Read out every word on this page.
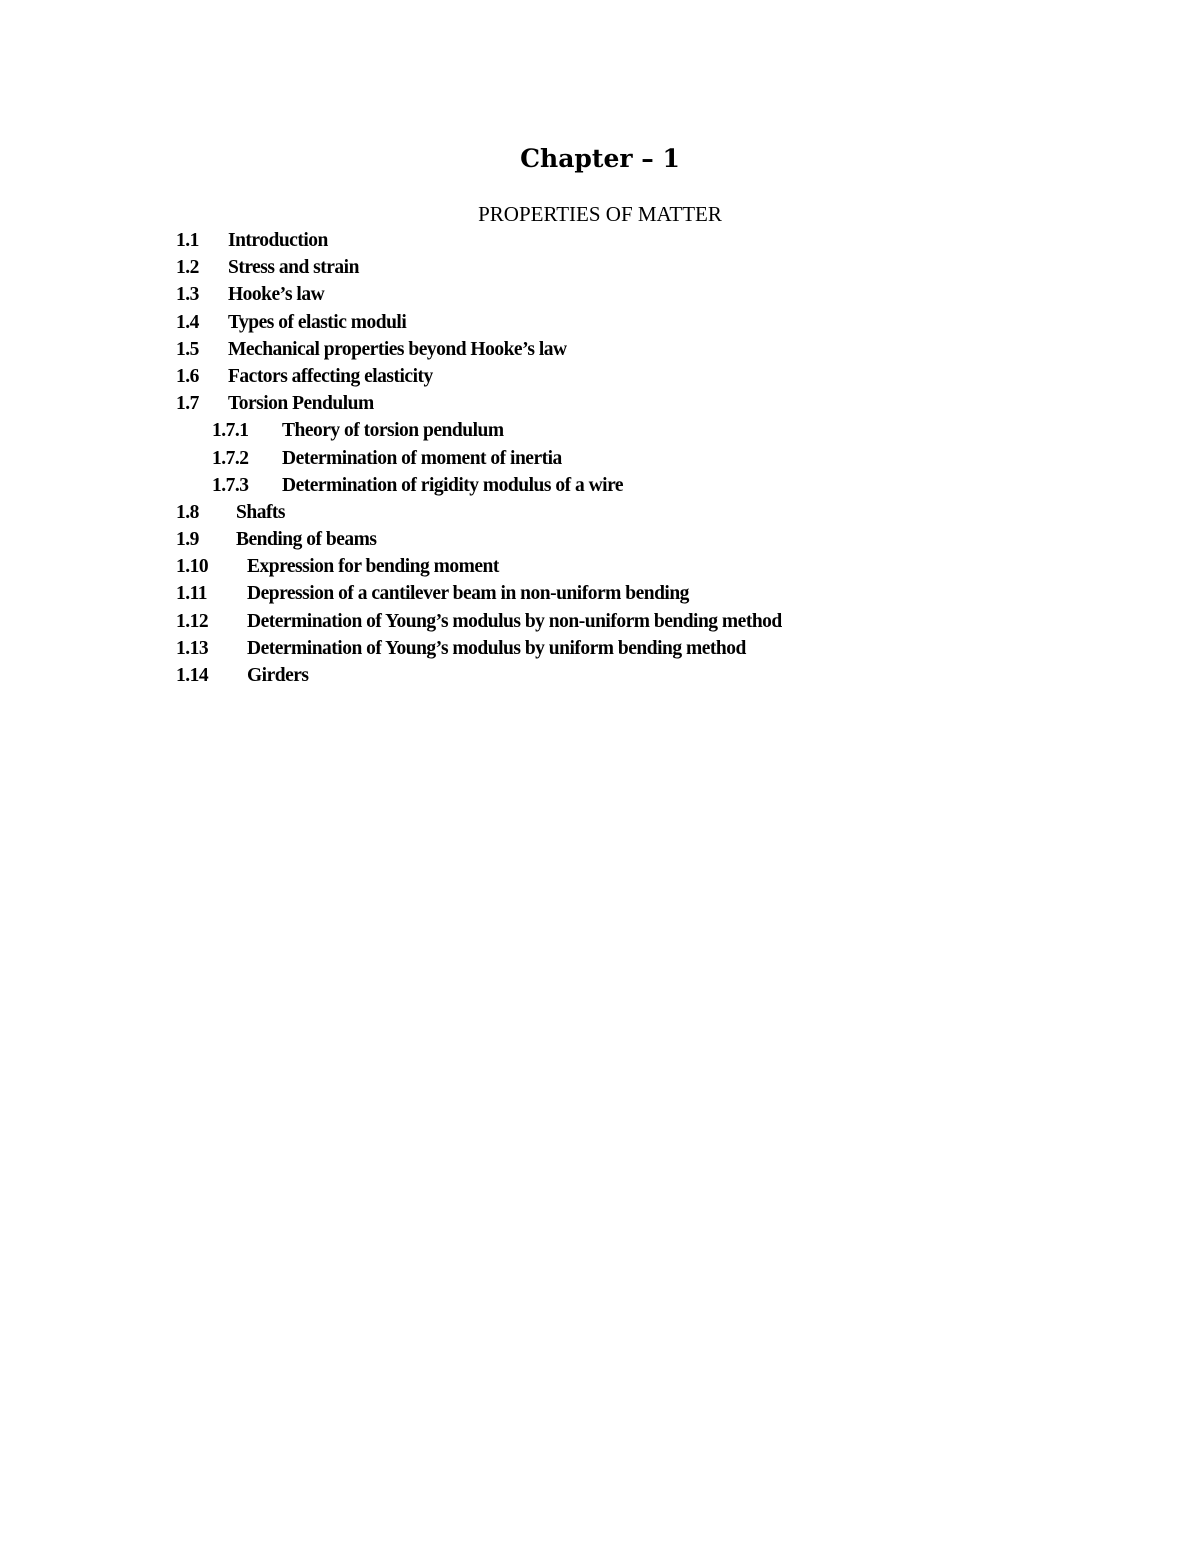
Chapter – 1

PROPERTIES OF MATTER

1.1	Introduction
1.2	Stress and strain
1.3	Hooke’s law
1.4	Types of elastic moduli
1.5	Mechanical properties beyond Hooke’s law
1.6	Factors affecting elasticity
1.7	Torsion Pendulum
1.7.1	Theory of torsion pendulum
1.7.2	Determination of moment of inertia
1.7.3	Determination of rigidity modulus of a wire
1.8	Shafts
1.9	Bending of beams
1.10	Expression for bending moment
1.11	Depression of a cantilever beam in non-uniform bending
1.12	Determination of Young’s modulus by non-uniform bending method
1.13	Determination of Young’s modulus by uniform bending method
1.14	Girders
